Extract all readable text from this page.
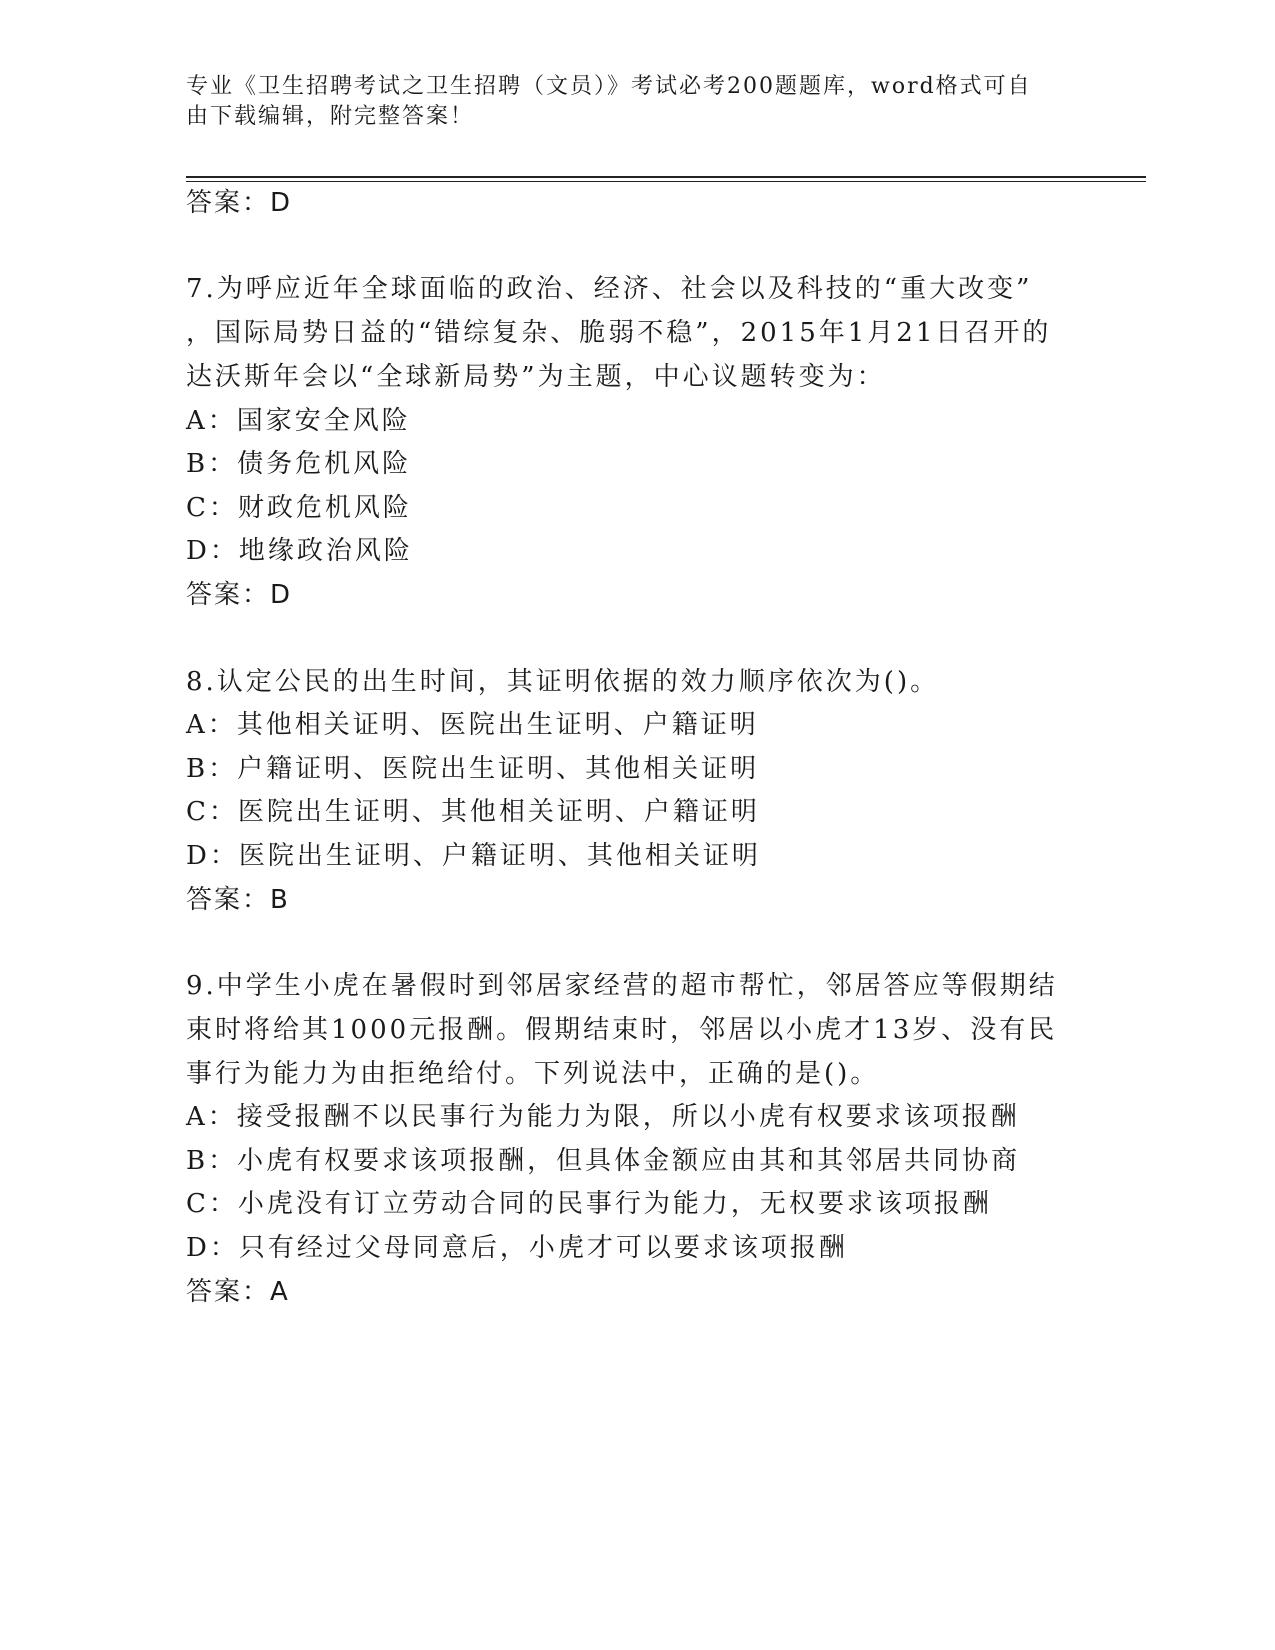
专业《卫生招聘考试之卫生招聘（文员）》考试必考200题题库，word格式可自
由下载编辑，附完整答案！
答案：D
7.为呼应近年全球面临的政治、经济、社会以及科技的“重大改变”
，国际局势日益的“错综复杂、脆弱不稳”，2015年1月21日召开的
达沃斯年会以“全球新局势”为主题，中心议题转变为：
A：国家安全风险
B：债务危机风险
C：财政危机风险
D：地缘政治风险
答案：D
8.认定公民的出生时间，其证明依据的效力顺序依次为()。
A：其他相关证明、医院出生证明、户籍证明
B：户籍证明、医院出生证明、其他相关证明
C：医院出生证明、其他相关证明、户籍证明
D：医院出生证明、户籍证明、其他相关证明
答案：B
9.中学生小虎在暑假时到邻居家经营的超市帮忙，邻居答应等假期结
束时将给其1000元报酬。假期结束时，邻居以小虎才13岁、没有民
事行为能力为由拒绝给付。下列说法中，正确的是()。
A：接受报酬不以民事行为能力为限，所以小虎有权要求该项报酬
B：小虎有权要求该项报酬，但具体金额应由其和其邻居共同协商
C：小虎没有订立劳动合同的民事行为能力，无权要求该项报酬
D：只有经过父母同意后，小虎才可以要求该项报酬
答案：A
